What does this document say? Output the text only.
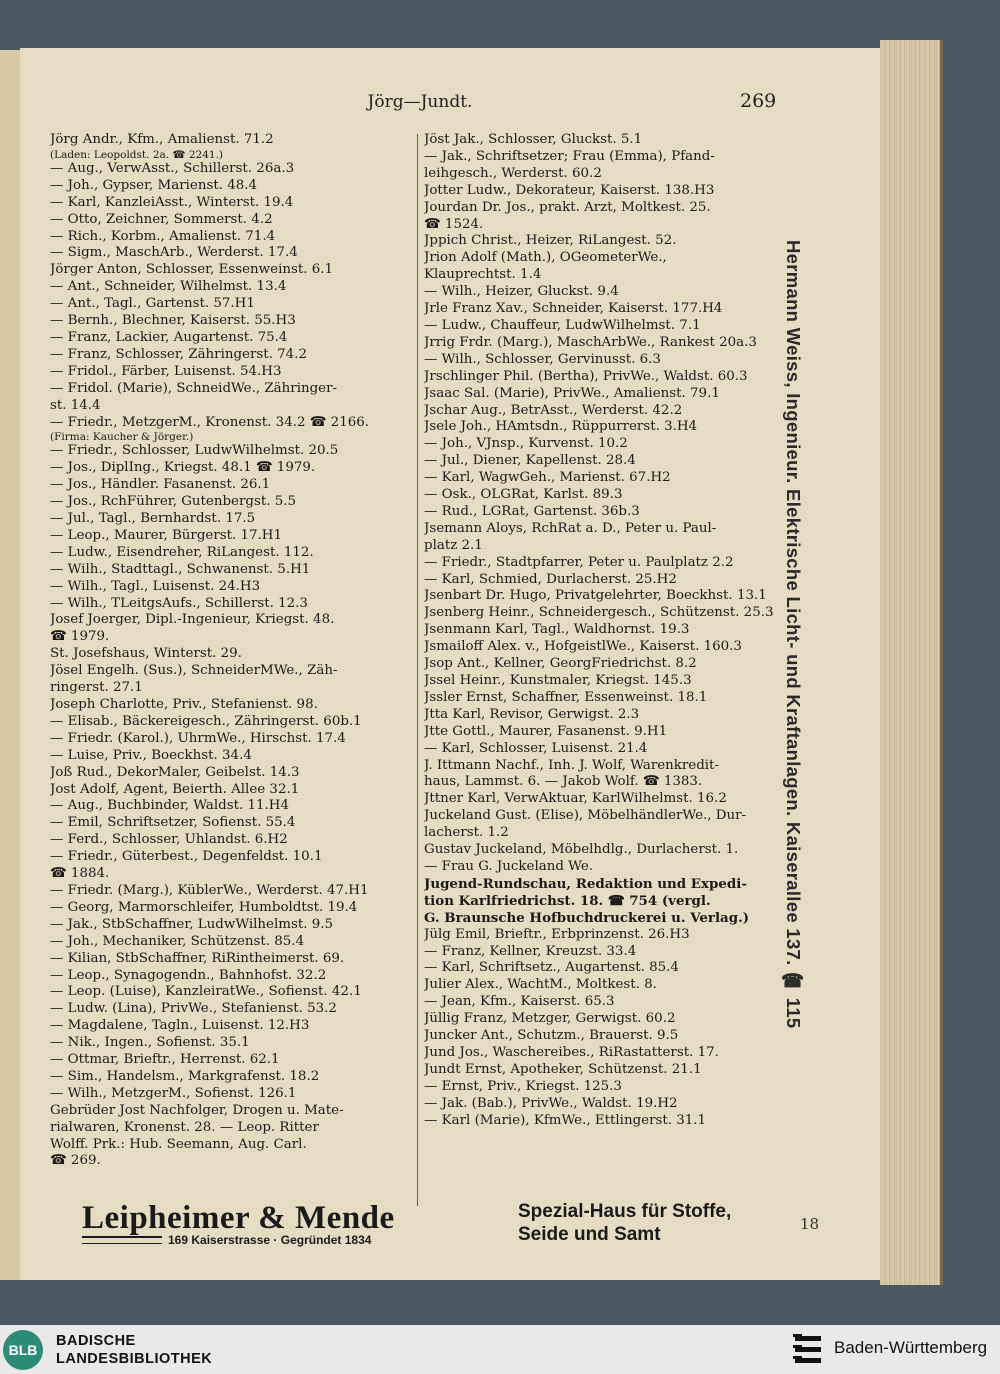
Jörg—Jundt.	269
Jörg Andr., Kfm., Amalienst. 71.2
(Laden: Leopoldst. 2a. ☎ 2241.)
— Aug., VerwAsst., Schillerst. 26a.3
— Joh., Gypser, Marienst. 48.4
— Karl, KanzleiAsst., Winterst. 19.4
— Otto, Zeichner, Sommerst. 4.2
— Rich., Korbm., Amalienst. 71.4
— Sigm., MaschArb., Werderst. 17.4
Jörger Anton, Schlosser, Essenweinst. 6.1
— Ant., Schneider, Wilhelmst. 13.4
— Ant., Tagl., Gartenst. 57.H1
— Bernh., Blechner, Kaiserst. 55.H3
— Franz, Lackier, Augartenst. 75.4
— Franz, Schlosser, Zähringerst. 74.2
— Fridol., Färber, Luisenst. 54.H3
— Fridol. (Marie), SchneidWe., Zähringer-
st. 14.4
— Friedr., MetzgerM., Kronenst. 34.2 ☎ 2166.
(Firma: Kaucher & Jörger.)
— Friedr., Schlosser, LudwWilhelmst. 20.5
— Jos., DiplIng., Kriegst. 48.1 ☎ 1979.
— Jos., Händler. Fasanenst. 26.1
— Jos., RchFührer, Gutenbergst. 5.5
— Jul., Tagl., Bernhardst. 17.5
— Leop., Maurer, Bürgerst. 17.H1
— Ludw., Eisendreher, RiLangest. 112.
— Wilh., Stadttagl., Schwanenst. 5.H1
— Wilh., Tagl., Luisenst. 24.H3
— Wilh., TLeitgsAufs., Schillerst. 12.3
Josef Joerger, Dipl.-Ingenieur, Kriegst. 48.
☎ 1979.
St. Josefshaus, Winterst. 29.
Jösel Engelh. (Sus.), SchneiderMWe., Zäh-
ringerst. 27.1
Joseph Charlotte, Priv., Stefanienst. 98.
— Elisab., Bäckereigesch., Zähringerst. 60b.1
— Friedr. (Karol.), UhrmWe., Hirschst. 17.4
— Luise, Priv., Boeckhst. 34.4
Joß Rud., DekorMaler, Geibelst. 14.3
Jost Adolf, Agent, Beierth. Allee 32.1
— Aug., Buchbinder, Waldst. 11.H4
— Emil, Schriftsetzer, Sofienst. 55.4
— Ferd., Schlosser, Uhlandst. 6.H2
— Friedr., Güterbest., Degenfeldst. 10.1
☎ 1884.
— Friedr. (Marg.), KüblerWe., Werderst. 47.H1
— Georg, Marmorschleifer, Humboldtst. 19.4
— Jak., StbSchaffner, LudwWilhelmst. 9.5
— Joh., Mechaniker, Schützenst. 85.4
— Kilian, StbSchaffner, RiRintheimerst. 69.
— Leop., Synagogendn., Bahnhofst. 32.2
— Leop. (Luise), KanzleiratWe., Sofienst. 42.1
— Ludw. (Lina), PrivWe., Stefanienst. 53.2
— Magdalene, Tagln., Luisenst. 12.H3
— Nik., Ingen., Sofienst. 35.1
— Ottmar, Brieftr., Herrenst. 62.1
— Sim., Handelsm., Markgrafenst. 18.2
— Wilh., MetzgerM., Sofienst. 126.1
Gebrüder Jost Nachfolger, Drogen u. Mate-
rialwaren, Kronenst. 28. — Leop. Ritter
Wolff. Prk.: Hub. Seemann, Aug. Carl.
☎ 269.
Jöst Jak., Schlosser, Gluckst. 5.1
— Jak., Schriftsetzer; Frau (Emma), Pfand-
leihgesch., Werderst. 60.2
Jotter Ludw., Dekorateur, Kaiserst. 138.H3
Jourdan Dr. Jos., prakt. Arzt, Moltkest. 25.
☎ 1524.
Jppich Christ., Heizer, RiLangest. 52.
Jrion Adolf (Math.), OGeometerWe.,
Klauprechtst. 1.4
— Wilh., Heizer, Gluckst. 9.4
Jrle Franz Xav., Schneider, Kaiserst. 177.H4
— Ludw., Chauffeur, LudwWilhelmst. 7.1
Jrrig Frdr. (Marg.), MaschArbWe., Rankest 20a.3
— Wilh., Schlosser, Gervinusst. 6.3
Jrschlinger Phil. (Bertha), PrivWe., Waldst. 60.3
Jsaac Sal. (Marie), PrivWe., Amalienst. 79.1
Jschar Aug., BetrAsst., Werderst. 42.2
Jsele Joh., HAmtsdn., Rüppurrerst. 3.H4
— Joh., VJnsp., Kurvenst. 10.2
— Jul., Diener, Kapellenst. 28.4
— Karl, WagwGeh., Marienst. 67.H2
— Osk., OLGRat, Karlst. 89.3
— Rud., LGRat, Gartenst. 36b.3
Jsemann Aloys, RchRat a. D., Peter u. Paul-
platz 2.1
— Friedr., Stadtpfarrer, Peter u. Paulplatz 2.2
— Karl, Schmied, Durlacherst. 25.H2
Jsenbart Dr. Hugo, Privatgelehrter, Boeckhst. 13.1
Jsenberg Heinr., Schneidergesch., Schützenst. 25.3
Jsenmann Karl, Tagl., Waldhornst. 19.3
Jsmailoff Alex. v., HofgeistlWe., Kaiserst. 160.3
Jsop Ant., Kellner, GeorgFriedrichst. 8.2
Jssel Heinr., Kunstmaler, Kriegst. 145.3
Jssler Ernst, Schaffner, Essenweinst. 18.1
Jtta Karl, Revisor, Gerwigst. 2.3
Jtte Gottl., Maurer, Fasanenst. 9.H1
— Karl, Schlosser, Luisenst. 21.4
J. Ittmann Nachf., Inh. J. Wolf, Warenkredit-
haus, Lammst. 6. — Jakob Wolf. ☎ 1383.
Jttner Karl, VerwAktuar, KarlWilhelmst. 16.2
Juckeland Gust. (Elise), MöbelhändlerWe., Dur-
lacherst. 1.2
Gustav Juckeland, Möbelhdlg., Durlacherst. 1.
— Frau G. Juckeland We.
Jugend-Rundschau, Redaktion und Expedi-
tion Karlfriedrichst. 18. ☎ 754 (vergl.
G. Braunsche Hofbuchdruckerei u. Verlag.)
Jülg Emil, Brieftr., Erbprinzenst. 26.H3
— Franz, Kellner, Kreuzst. 33.4
— Karl, Schriftsetz., Augartenst. 85.4
Julier Alex., WachtM., Moltkest. 8.
— Jean, Kfm., Kaiserst. 65.3
Jüllig Franz, Metzger, Gerwigst. 60.2
Juncker Ant., Schutzm., Brauerst. 9.5
Jund Jos., Waschereibes., RiRastatterst. 17.
Jundt Ernst, Apotheker, Schützenst. 21.1
— Ernst, Priv., Kriegst. 125.3
— Jak. (Bab.), PrivWe., Waldst. 19.H2
— Karl (Marie), KfmWe., Ettlingerst. 31.1
Hermann Weiss, Ingenieur. Elektrische Licht- und Kraftanlagen. Kaiserallee 137. ☎ 115
Leipheimer & Mende
169 Kaiserstrasse · Gegründet 1834
Spezial-Haus für Stoffe,
Seide und Samt	18
BLB
BADISCHE
LANDESBIBLIOTHEK
Baden-Württemberg
